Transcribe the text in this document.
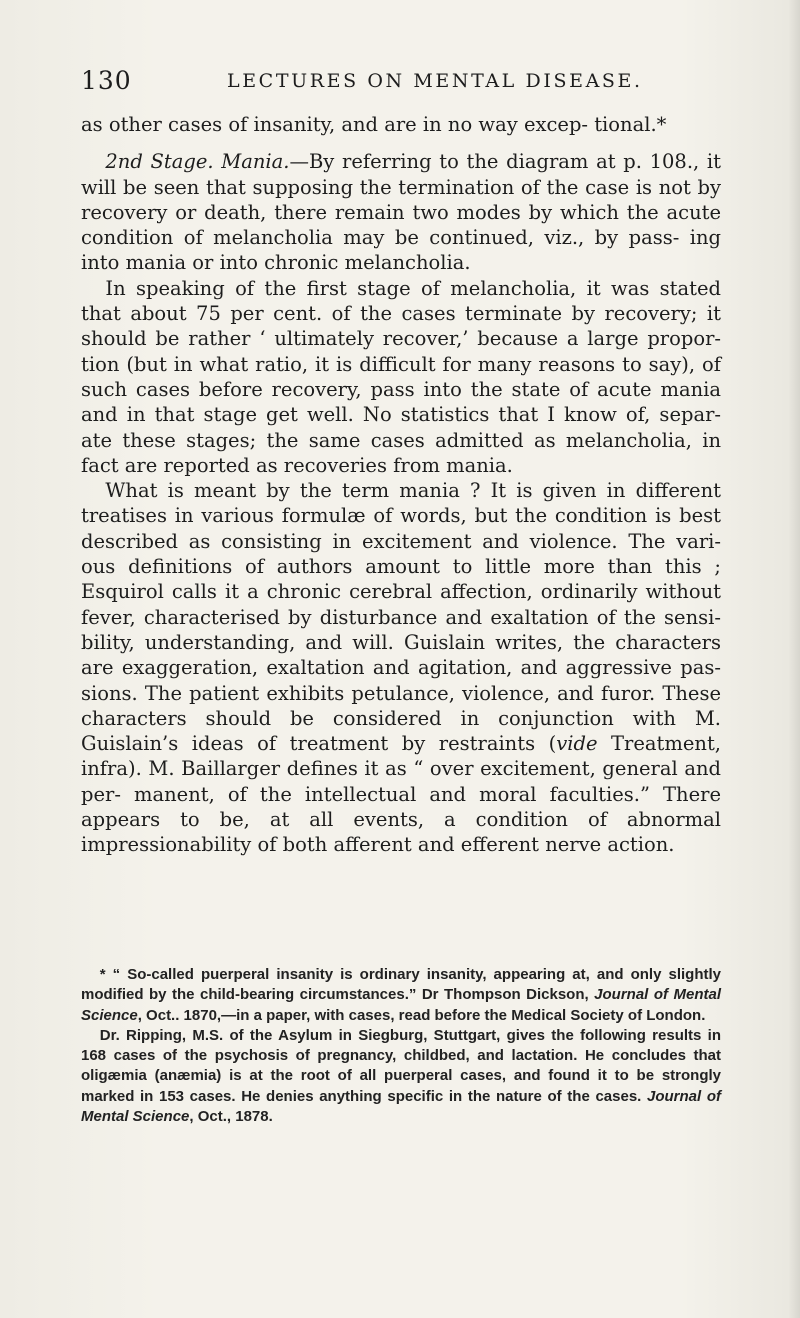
130	LECTURES ON MENTAL DISEASE.

as other cases of insanity, and are in no way excep- tional.*

2nd Stage. Mania.—By referring to the diagram at p. 108., it will be seen that supposing the termination of the case is not by recovery or death, there remain two modes by which the acute condition of melancholia may be continued, viz., by pass- ing into mania or into chronic melancholia.

In speaking of the first stage of melancholia, it was stated that about 75 per cent. of the cases terminate by recovery; it should be rather ‘ ultimately recover,’ because a large propor- tion (but in what ratio, it is difficult for many reasons to say), of such cases before recovery, pass into the state of acute mania and in that stage get well. No statistics that I know of, separ- ate these stages; the same cases admitted as melancholia, in fact are reported as recoveries from mania.

What is meant by the term mania ? It is given in different treatises in various formulæ of words, but the condition is best described as consisting in excitement and violence. The vari- ous definitions of authors amount to little more than this ; Esquirol calls it a chronic cerebral affection, ordinarily without fever, characterised by disturbance and exaltation of the sensi- bility, understanding, and will. Guislain writes, the characters are exaggeration, exaltation and agitation, and aggressive pas- sions. The patient exhibits petulance, violence, and furor. These characters should be considered in conjunction with M. Guislain’s ideas of treatment by restraints (vide Treatment, infra). M. Baillarger defines it as “ over excitement, general and per- manent, of the intellectual and moral faculties.” There appears to be, at all events, a condition of abnormal impressionability of both afferent and efferent nerve action.

* “ So-called puerperal insanity is ordinary insanity, appearing at, and only slightly modified by the child-bearing circumstances.” Dr Thompson Dickson, Journal of Mental Science, Oct.. 1870,—in a paper, with cases, read before the Medical Society of London.

Dr. Ripping, M.S. of the Asylum in Siegburg, Stuttgart, gives the following results in 168 cases of the psychosis of pregnancy, childbed, and lactation. He concludes that oligæmia (anæmia) is at the root of all puerperal cases, and found it to be strongly marked in 153 cases. He denies anything specific in the nature of the cases. Journal of Mental Science, Oct., 1878.
